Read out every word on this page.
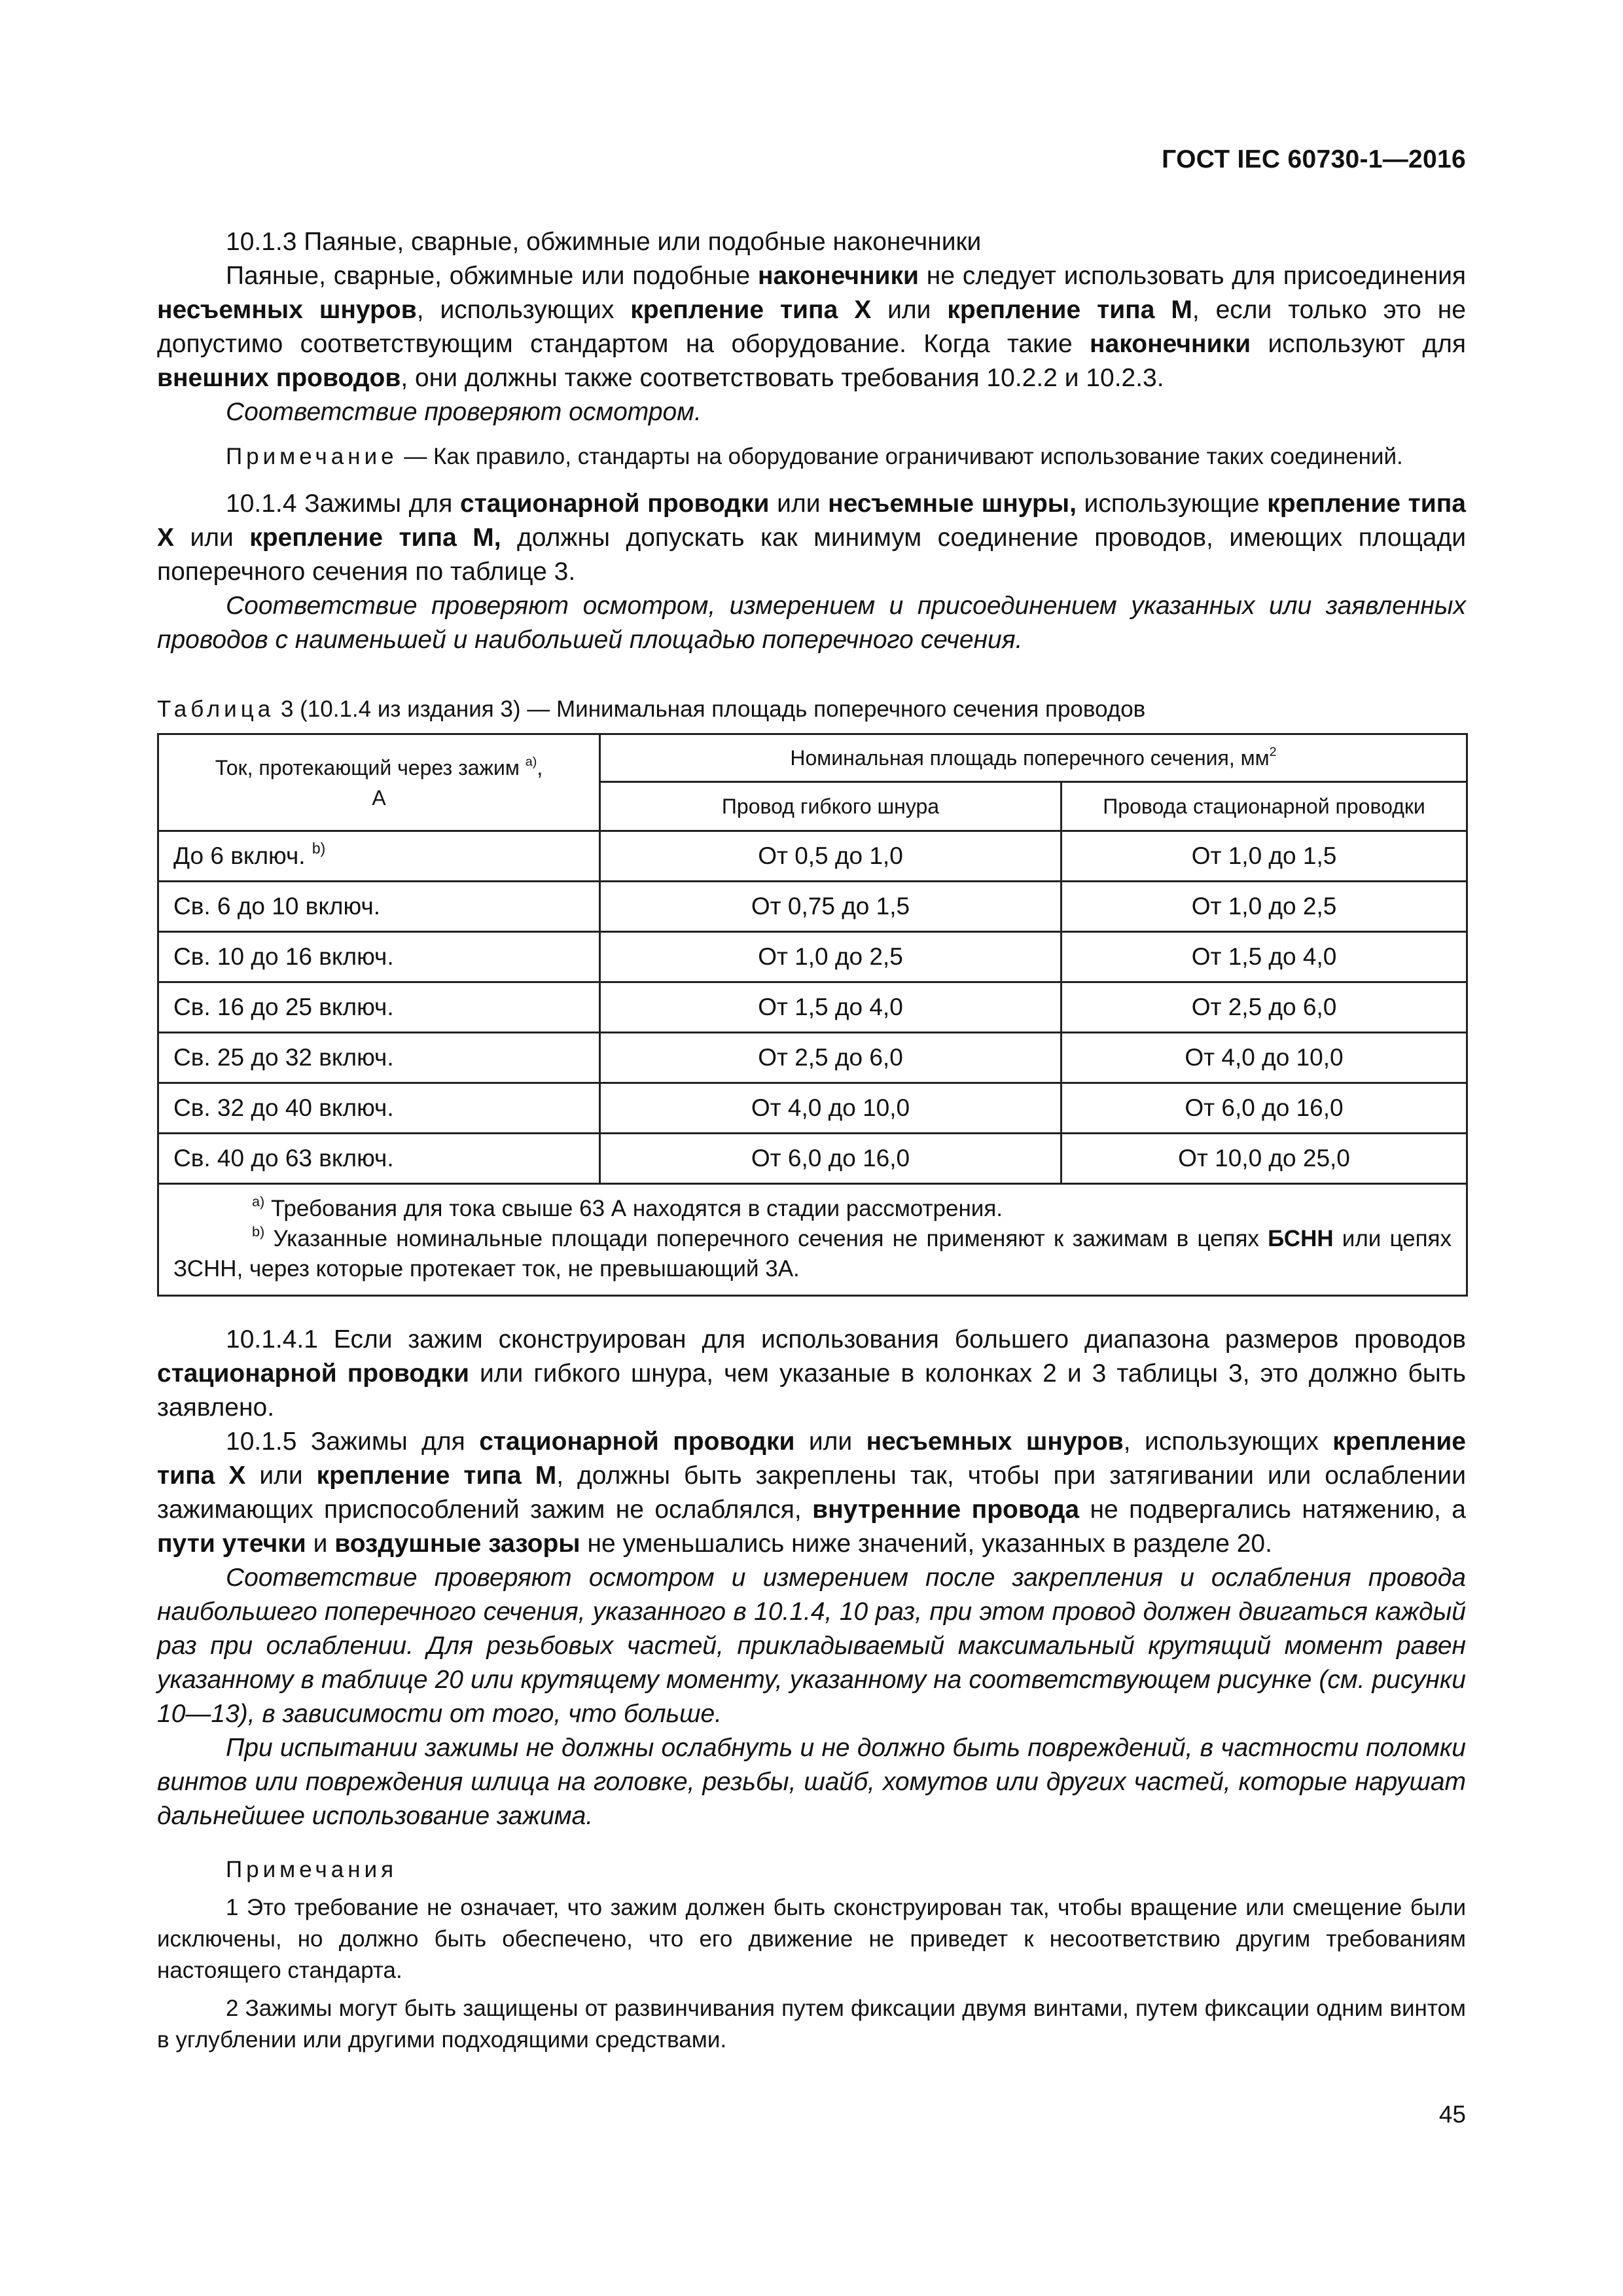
ГОСТ IEC 60730-1—2016

10.1.3 Паяные, сварные, обжимные или подобные наконечники

Паяные, сварные, обжимные или подобные наконечники не следует использовать для присоединения несъемных шнуров, использующих крепление типа X или крепление типа M, если только это не допустимо соответствующим стандартом на оборудование. Когда такие наконечники используют для внешних проводов, они должны также соответствовать требования 10.2.2 и 10.2.3.

Соответствие проверяют осмотром.

Примечание — Как правило, стандарты на оборудование ограничивают использование таких соединений.

10.1.4 Зажимы для стационарной проводки или несъемные шнуры, использующие крепление типа X или крепление типа M, должны допускать как минимум соединение проводов, имеющих площади поперечного сечения по таблице 3.

Соответствие проверяют осмотром, измерением и присоединением указанных или заявленных проводов с наименьшей и наибольшей площадью поперечного сечения.

Таблица 3 (10.1.4 из издания 3) — Минимальная площадь поперечного сечения проводов

Ток, протекающий через зажим $^{a)}$,
А	Номинальная площадь поперечного сечения, $мм^2$
	Провод гибкого шнура	Провода стационарной проводки
До 6 включ. $^{b)}$	От 0,5 до 1,0	От 1,0 до 1,5
Св. 6 до 10 включ.	От 0,75 до 1,5	От 1,0 до 2,5
Св. 10 до 16 включ.	От 1,0 до 2,5	От 1,5 до 4,0
Св. 16 до 25 включ.	От 1,5 до 4,0	От 2,5 до 6,0
Св. 25 до 32 включ.	От 2,5 до 6,0	От 4,0 до 10,0
Св. 32 до 40 включ.	От 4,0 до 10,0	От 6,0 до 16,0
Св. 40 до 63 включ.	От 6,0 до 16,0	От 10,0 до 25,0

$^{a)}$ Требования для тока свыше 63 А находятся в стадии рассмотрения.
$^{b)}$ Указанные номинальные площади поперечного сечения не применяют к зажимам в цепях БСНН или цепях ЗСНН, через которые протекает ток, не превышающий 3А.		

10.1.4.1 Если зажим сконструирован для использования большего диапазона размеров проводов стационарной проводки или гибкого шнура, чем указаные в колонках 2 и 3 таблицы 3, это должно быть заявлено.

10.1.5 Зажимы для стационарной проводки или несъемных шнуров, использующих крепление типа X или крепление типа M, должны быть закреплены так, чтобы при затягивании или ослаблении зажимающих приспособлений зажим не ослаблялся, внутренние провода не подвергались натяжению, а пути утечки и воздушные зазоры не уменьшались ниже значений, указанных в разделе 20.

Соответствие проверяют осмотром и измерением после закрепления и ослабления провода наибольшего поперечного сечения, указанного в 10.1.4, 10 раз, при этом провод должен двигаться каждый раз при ослаблении. Для резьбовых частей, прикладываемый максимальный крутящий момент равен указанному в таблице 20 или крутящему моменту, указанному на соответствующем рисунке (см. рисунки 10—13), в зависимости от того, что больше.

При испытании зажимы не должны ослабнуть и не должно быть повреждений, в частности поломки винтов или повреждения шлица на головке, резьбы, шайб, хомутов или других частей, которые нарушат дальнейшее использование зажима.

Примечания

1 Это требование не означает, что зажим должен быть сконструирован так, чтобы вращение или смещение были исключены, но должно быть обеспечено, что его движение не приведет к несоответствию другим требованиям настоящего стандарта.

2 Зажимы могут быть защищены от развинчивания путем фиксации двумя винтами, путем фиксации одним винтом в углублении или другими подходящими средствами.

45
